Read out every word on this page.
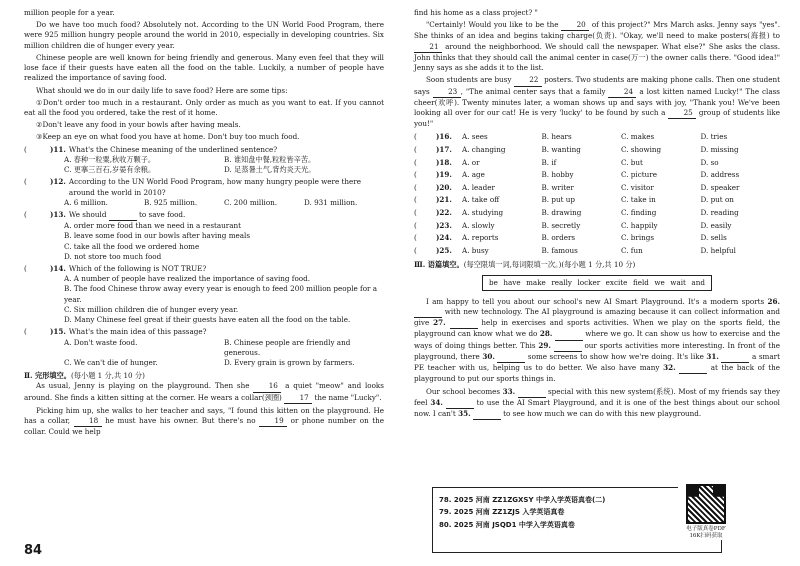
million people for a year.

Do we have too much food? Absolutely not. According to the UN World Food Program, there were 925 million hungry people around the world in 2010, especially in developing countries. Six million children die of hunger every year.

Chinese people are well known for being friendly and generous. Many even feel that they will lose face if their guests have eaten all the food on the table. Luckily, a number of people have realized the importance of saving food.

What should we do in our daily life to save food? Here are some tips:

①Don't order too much in a restaurant. Only order as much as you want to eat. If you cannot eat all the food you ordered, take the rest of it home.

②Don't leave any food in your bowls after having meals.

③Keep an eye on what food you have at home. Don't buy too much food.

(	)11. What's the Chinese meaning of the underlined sentence?
A. 春种一粒粟,秋收万颗子。	B. 谁知盘中餐,粒粒皆辛苦。
C. 更搴三百石,岁晏有余粮。	D. 足蒸暑土气,背灼炎天光。
(	)12. According to the UN World Food Program, how many hungry people were there around the world in 2010?
A. 6 million.	B. 925 million.	C. 200 million.	D. 931 million.
(	)13. We should	to save food.
A. order more food than we need in a restaurant
B. leave some food in our bowls after having meals
C. take all the food we ordered home
D. not store too much food
(	)14. Which of the following is NOT TRUE?
A. A number of people have realized the importance of saving food.
B. The food Chinese throw away every year is enough to feed 200 million people for a year.
C. Six million children die of hunger every year.
D. Many Chinese feel great if their guests have eaten all the food on the table.
(	)15. What's the main idea of this passage?
A. Don't waste food.	B. Chinese people are friendly and generous.
C. We can't die of hunger.	D. Every grain is grown by farmers.
Ⅱ. 完形填空。(每小题 1 分,共 10 分)

As usual, Jenny is playing on the playground. Then she	16 a quiet "meow" and looks around. She finds a kitten sitting at the corner. He wears a collar(颈圈) 17 the name "Lucky".

Picking him up, she walks to her teacher and says, "I found this kitten on the playground. He has a collar,	18 he must have his owner. But there's no	19 or phone number on the collar. Could we help

84

find his home as a class project? "

"Certainly! Would you like to be the	20 of this project?" Mrs March asks. Jenny says "yes". She thinks of an idea and begins taking charge(负责). "Okay, we'll need to make posters(海报) to 21 around the neighborhood. We should call the newspaper. What else?" She asks the class. John thinks that they should call the animal center in case(万一) the owner calls there. "Good idea!" Jenny says as she adds it to the list.

Soon students are busy 22 posters. Two students are making phone calls. Then one student says	23 , "The animal center says that a family	24 a lost kitten named Lucky!" The class cheer(欢呼). Twenty minutes later, a woman shows up and says with joy, "Thank you! We've been looking all over for our cat! He is very 'lucky' to be found by such a	25 group of students like you!"

(	)16.	A. sees	B. hears	C. makes	D. tries
(	)17.	A. changing	B. wanting	C. showing	D. missing
(	)18.	A. or	B. if	C. but	D. so
(	)19.	A. age	B. hobby	C. picture	D. address
(	)20.	A. leader	B. writer	C. visitor	D. speaker
(	)21.	A. take off	B. put up	C. take in	D. put on
(	)22.	A. studying	B. drawing	C. finding	D. reading
(	)23.	A. slowly	B. secretly	C. happily	D. easily
(	)24.	A. reports	B. orders	C. brings	D. sells
(	)25.	A. busy	B. famous	C. fun	D. helpful
Ⅲ. 语篇填空。(每空限填一词,每词限填一次。)(每小题 1 分,共 10 分)
be have make really locker excite field we wait and

I am happy to tell you about our school's new AI Smart Playground. It's a modern sports 26.   with new technology. The AI playground is amazing because it can collect information and give 27.	help in exercises and sports activities. When we play on the sports field, the playground can know what we do 28.	where we go. It can show us how to exercise and the ways of doing things better. This 29.	our sports activities more interesting. In front of the playground, there 30.	some screens to show how we're doing. It's like 31.	a smart PE teacher with us, helping us to do better. We also have many 32.	at the back of the playground to put our sports things in.

Our school becomes 33.	special with this new system(系统). Most of my friends say they feel 34.	to use the AI Smart Playground, and it is one of the best things about our school now. I can't 35.	to see how much we can do with this new playground.

78. 2025 河南 ZZ1ZGXSY 中学入学英语真卷(二)
79. 2025 河南 ZZ1ZJS 入学英语真卷
80. 2025 河南 JSQD1 中学入学英语真卷
电子版真卷PDF
16K扫码获取
